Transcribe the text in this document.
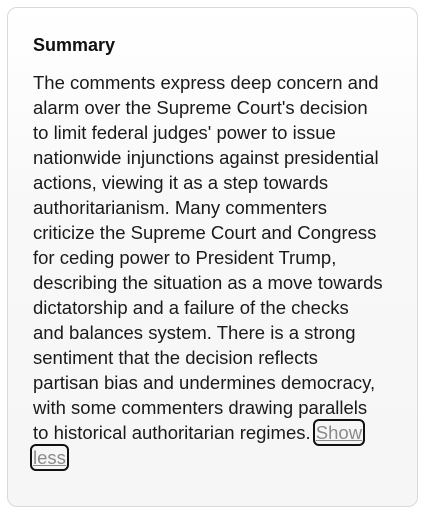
Summary
The comments express deep concern and
alarm over the Supreme Court's decision
to limit federal judges' power to issue
nationwide injunctions against presidential
actions, viewing it as a step towards
authoritarianism. Many commenters
criticize the Supreme Court and Congress
for ceding power to President Trump,
describing the situation as a move towards
dictatorship and a failure of the checks
and balances system. There is a strong
sentiment that the decision reflects
partisan bias and undermines democracy,
with some commenters drawing parallels
to historical authoritarian regimes. Show
less
